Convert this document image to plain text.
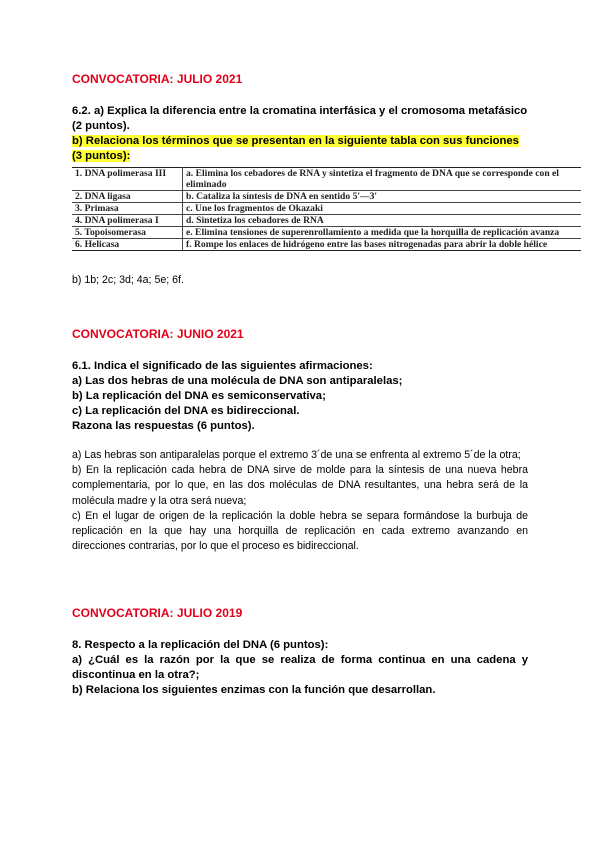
CONVOCATORIA: JULIO 2021

6.2. a) Explica la diferencia entre la cromatina interfásica y el cromosoma metafásico (2 puntos).

b) Relaciona los términos que se presentan en la siguiente tabla con sus funciones (3 puntos):

1. DNA polimerasa III	a. Elimina los cebadores de RNA y sintetiza el fragmento de DNA que se corresponde con el eliminado
2. DNA ligasa	b. Cataliza la síntesis de DNA en sentido 5'—3'
3. Primasa	c. Une los fragmentos de Okazaki
4. DNA polimerasa I	d. Sintetiza los cebadores de RNA
5. Topoisomerasa	e. Elimina tensiones de superenrollamiento a medida que la horquilla de replicación avanza
6. Helicasa	f. Rompe los enlaces de hidrógeno entre las bases nitrogenadas para abrir la doble hélice

b) 1b; 2c; 3d; 4a; 5e; 6f.

CONVOCATORIA: JUNIO 2021

6.1. Indica el significado de las siguientes afirmaciones:

a) Las dos hebras de una molécula de DNA son antiparalelas;

b) La replicación del DNA es semiconservativa;

c) La replicación del DNA es bidireccional.

Razona las respuestas (6 puntos).

a) Las hebras son antiparalelas porque el extremo 3´de una se enfrenta al extremo 5´de la otra;

b) En la replicación cada hebra de DNA sirve de molde para la síntesis de una nueva hebra complementaria, por lo que, en las dos moléculas de DNA resultantes, una hebra será de la molécula madre y la otra será nueva;

c) En el lugar de origen de la replicación la doble hebra se separa formándose la burbuja de replicación en la que hay una horquilla de replicación en cada extremo avanzando en direcciones contrarias, por lo que el proceso es bidireccional.

CONVOCATORIA: JULIO 2019

8. Respecto a la replicación del DNA (6 puntos):

a) ¿Cuál es la razón por la que se realiza de forma continua en una cadena y discontinua en la otra?;

b) Relaciona los siguientes enzimas con la función que desarrollan.
